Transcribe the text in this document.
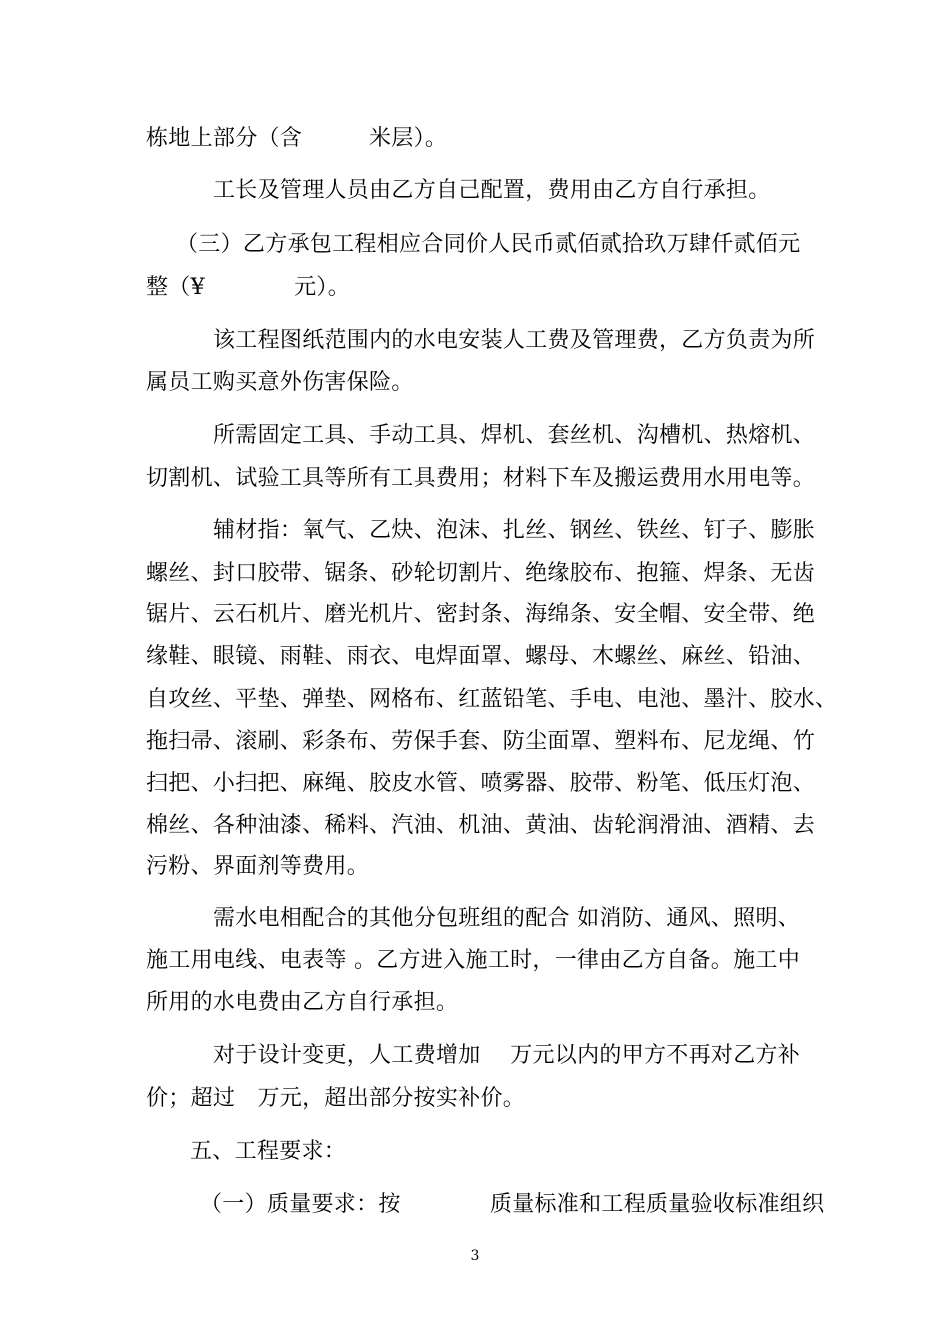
栋地上部分（含　　　米层）。
工长及管理人员由乙方自己配置，费用由乙方自行承担。
（三）乙方承包工程相应合同价人民币贰佰贰拾玖万肆仟贰佰元
整（¥　　　　元）。
该工程图纸范围内的水电安装人工费及管理费，乙方负责为所
属员工购买意外伤害保险。
所需固定工具、手动工具、焊机、套丝机、沟槽机、热熔机、
切割机、试验工具等所有工具费用；材料下车及搬运费用水用电等。
辅材指：氧气、乙炔、泡沫、扎丝、钢丝、铁丝、钉子、膨胀
螺丝、封口胶带、锯条、砂轮切割片、绝缘胶布、抱箍、焊条、无齿
锯片、云石机片、磨光机片、密封条、海绵条、安全帽、安全带、绝
缘鞋、眼镜、雨鞋、雨衣、电焊面罩、螺母、木螺丝、麻丝、铅油、
自攻丝、平垫、弹垫、网格布、红蓝铅笔、手电、电池、墨汁、胶水、
拖扫帚、滚刷、彩条布、劳保手套、防尘面罩、塑料布、尼龙绳、竹
扫把、小扫把、麻绳、胶皮水管、喷雾器、胶带、粉笔、低压灯泡、
棉丝、各种油漆、稀料、汽油、机油、黄油、齿轮润滑油、酒精、去
污粉、界面剂等费用。
需水电相配合的其他分包班组的配合 如消防、通风、照明、
施工用电线、电表等 。乙方进入施工时，一律由乙方自备。施工中
所用的水电费由乙方自行承担。
对于设计变更，人工费增加　 万元以内的甲方不再对乙方补
价；超过　万元，超出部分按实补价。
五、工程要求：
（一）质量要求：按　　　　质量标准和工程质量验收标准组织
3
